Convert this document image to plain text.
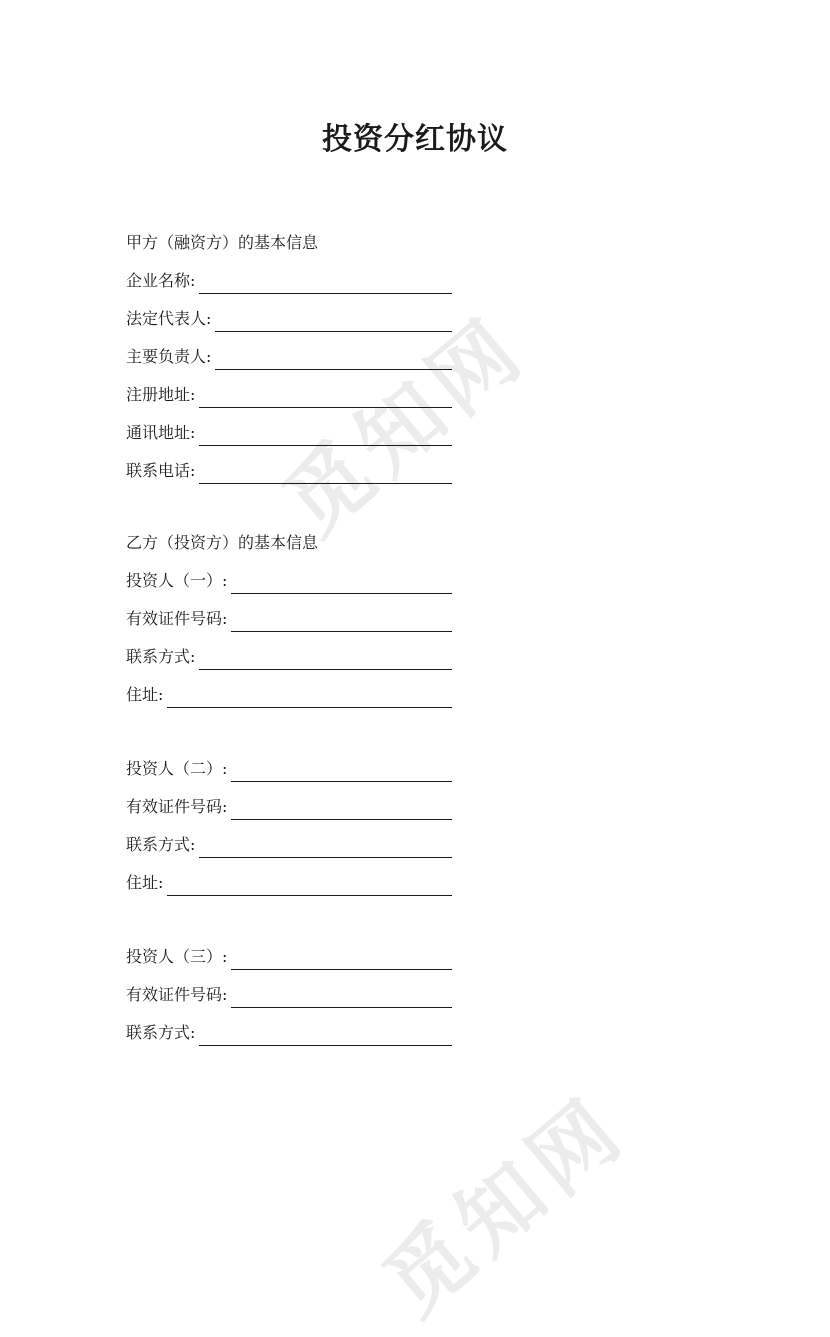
觅知网
觅知网
投资分红协议
甲方（融资方）的基本信息
企业名称:
法定代表人:
主要负责人:
注册地址:
通讯地址:
联系电话:
乙方（投资方）的基本信息
投资人（一）:
有效证件号码:
联系方式:
住址:
投资人（二）:
有效证件号码:
联系方式:
住址:
投资人（三）:
有效证件号码:
联系方式:
